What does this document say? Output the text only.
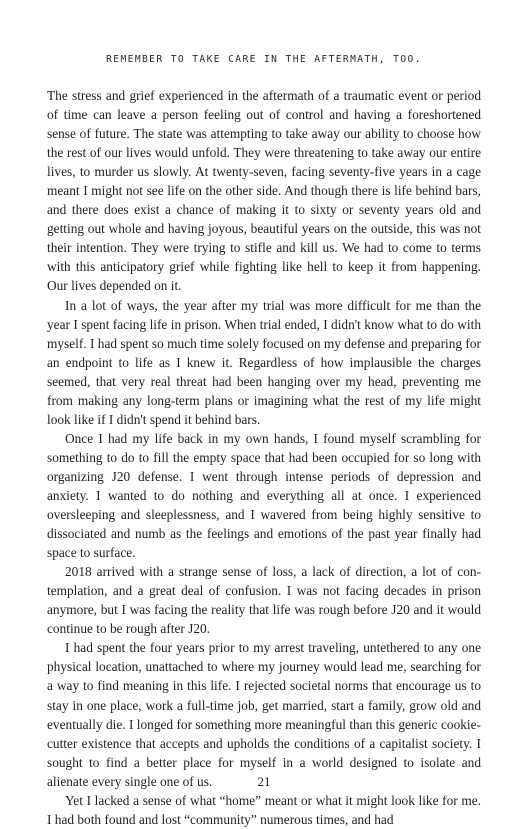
REMEMBER TO TAKE CARE IN THE AFTERMATH, TOO.

The stress and grief experienced in the aftermath of a traumatic event or period of time can leave a person feeling out of control and having a foreshortened sense of future. The state was attempting to take away our ability to choose how the rest of our lives would unfold. They were threatening to take away our entire lives, to murder us slowly. At twenty-seven, facing seventy-five years in a cage meant I might not see life on the other side. And though there is life behind bars, and there does exist a chance of making it to sixty or seventy years old and getting out whole and having joyous, beautiful years on the outside, this was not their intention. They were trying to stifle and kill us. We had to come to terms with this anticipatory grief while fighting like hell to keep it from happening. Our lives depended on it.

In a lot of ways, the year after my trial was more difficult for me than the year I spent facing life in prison. When trial ended, I didn't know what to do with myself. I had spent so much time solely focused on my defense and preparing for an endpoint to life as I knew it. Regardless of how implausible the charges seemed, that very real threat had been hanging over my head, preventing me from making any long-term plans or imagining what the rest of my life might look like if I didn't spend it behind bars.

Once I had my life back in my own hands, I found myself scrambling for something to do to fill the empty space that had been occupied for so long with organizing J20 defense. I went through intense periods of depression and anxiety. I wanted to do nothing and everything all at once. I experienced oversleeping and sleeplessness, and I wavered from being highly sensitive to dissociated and numb as the feelings and emotions of the past year finally had space to surface.

2018 arrived with a strange sense of loss, a lack of direction, a lot of contemplation, and a great deal of confusion. I was not facing decades in prison anymore, but I was facing the reality that life was rough before J20 and it would continue to be rough after J20.

I had spent the four years prior to my arrest traveling, untethered to any one physical location, unattached to where my journey would lead me, searching for a way to find meaning in this life. I rejected societal norms that encourage us to stay in one place, work a full-time job, get married, start a family, grow old and eventually die. I longed for something more meaningful than this generic cookie-cutter existence that accepts and upholds the conditions of a capitalist society. I sought to find a better place for myself in a world designed to isolate and alienate every single one of us.

Yet I lacked a sense of what “home” meant or what it might look like for me. I had both found and lost “community” numerous times, and had

21
